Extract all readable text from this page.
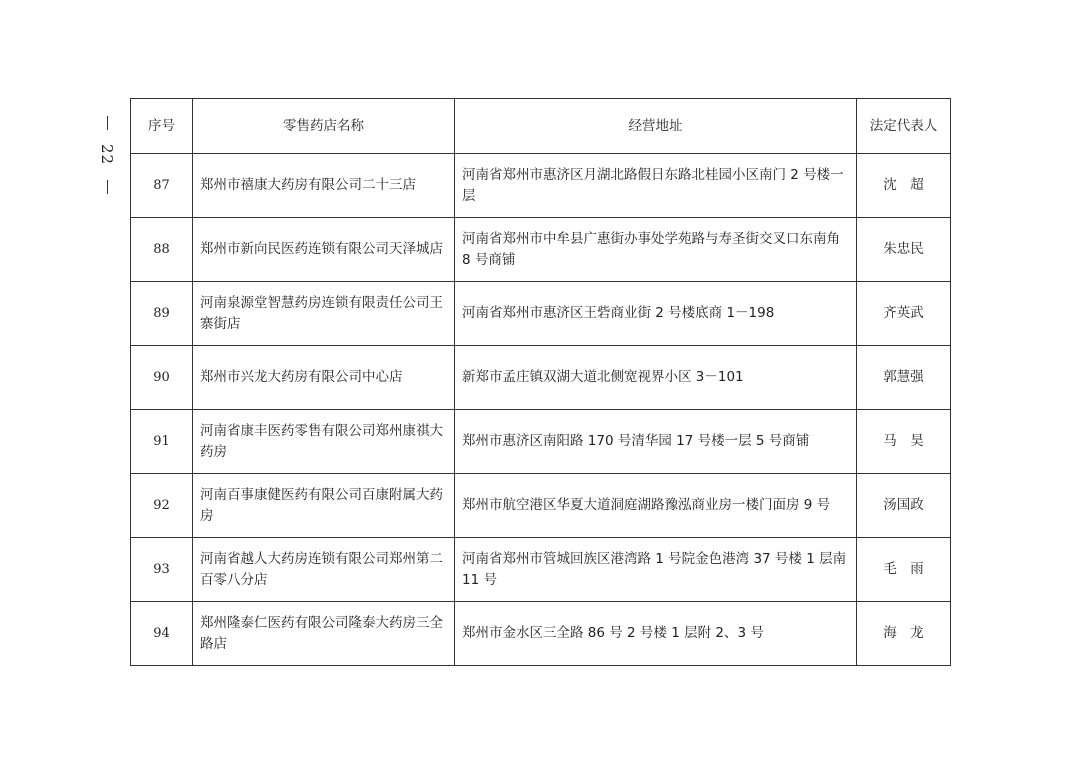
22
序号	零售药店名称	经营地址	法定代表人
87	郑州市禧康大药房有限公司二十三店	河南省郑州市惠济区月湖北路假日东路北桂园小区南门 2 号楼一层	沈　超
88	郑州市新向民医药连锁有限公司天泽城店	河南省郑州市中牟县广惠街办事处学苑路与寿圣街交叉口东南角 8 号商铺	朱忠民
89	河南泉源堂智慧药房连锁有限责任公司王寨街店	河南省郑州市惠济区王砦商业街 2 号楼底商 1－198	齐英武
90	郑州市兴龙大药房有限公司中心店	新郑市孟庄镇双湖大道北侧宽视界小区 3－101	郭慧强
91	河南省康丰医药零售有限公司郑州康祺大药房	郑州市惠济区南阳路 170 号清华园 17 号楼一层 5 号商铺	马　昊
92	河南百事康健医药有限公司百康附属大药房	郑州市航空港区华夏大道洞庭湖路豫泓商业房一楼门面房 9 号	汤国政
93	河南省越人大药房连锁有限公司郑州第二百零八分店	河南省郑州市管城回族区港湾路 1 号院金色港湾 37 号楼 1 层南 11 号	毛　雨
94	郑州隆泰仁医药有限公司隆泰大药房三全路店	郑州市金水区三全路 86 号 2 号楼 1 层附 2、3 号	海　龙
